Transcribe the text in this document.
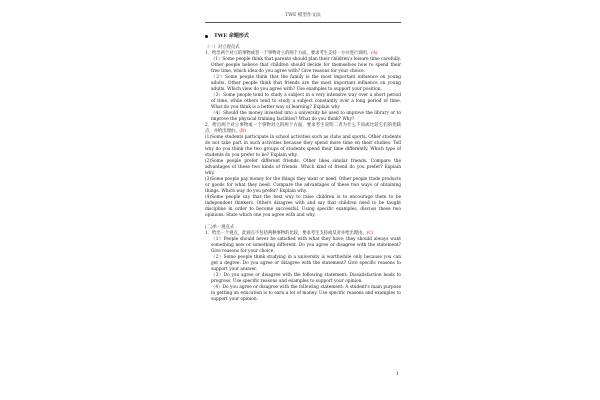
TWE 模型作文法
TWE 命题形式
（一）对立观点式
1．给出两个对立的事物或者一个事物对立的两个方面，要求考生支持一方并进行说明。(A)
（1）Some people think that parents should plan their children's leisure time carefully. Other people believe that children should decide for themselves how to spend their free time, which idea do you agree with? Give reasons for your choice.
（2）Some people think that the family is the most important influence on young adults. Other people think that friends are the most important influence on young adults. Which view do you agree with? Use examples to support your position.
（3）Some people tend to study a subject in a very intensive way over a short period of time, while others tend to study a subject constantly over a long period of time. What do you think is a better way of learning? Explain why
（4）Should the money invested into a university be used to improve the library or to improve the physical training facilities? What do you think? Why?
2．给出两个对立事物或一个事物对立的两个方面，要求考生说明二者为什么不同或比较它们的优缺点，并给出理由。(B)
(1)Some students participate in school activities such as clubs and sports. Other students do not take part in such activities because they spend more time on their studies. Tell why do you think the two groups of students spend their time differently. Which type of students do you prefer to be? Explain why.
(2)Some people prefer different friends. Other likes similar friends. Compare the advantages of these two kinds of friends. Which kind of friend do you prefer? Explain why.
(3)Some people pay money for the things they want or need. Other people trade products or goods for what they need. Compare the advantages of these two ways of obtaining things. Which way do you prefer? Explain why.
(4)Some people say that the best way to raise children is to encourage them to be independent thinkers. Others disagree with and say that children need to be taught discipline in order to become successful. Using specific examples, discuss these two opinions. State which one you agree with and why.
(二)单一观点式
1．给出一个观点，此观点不包括两种事物的比较，要求考生支持或反对并给出理由。(C)
（1）People should never be satisfied with what they have; they should always want something new or something different. Do you agree or disagree with the statement? Give reasons for your choice.
（2）Some people think studying in a university is worthwhile only because you can get a degree. Do you agree or disagree with the statement? Give specific reasons to support your answer.
（3）Do you agree or disagree with the following statement: Dissatisfaction leads to progress. Use specific reasons and examples to support your opinion.
（4）Do you agree or disagree with the following statement: A student's main purpose in getting an education is to earn a lot of money. Use specific reasons and examples to support your opinion.
1
